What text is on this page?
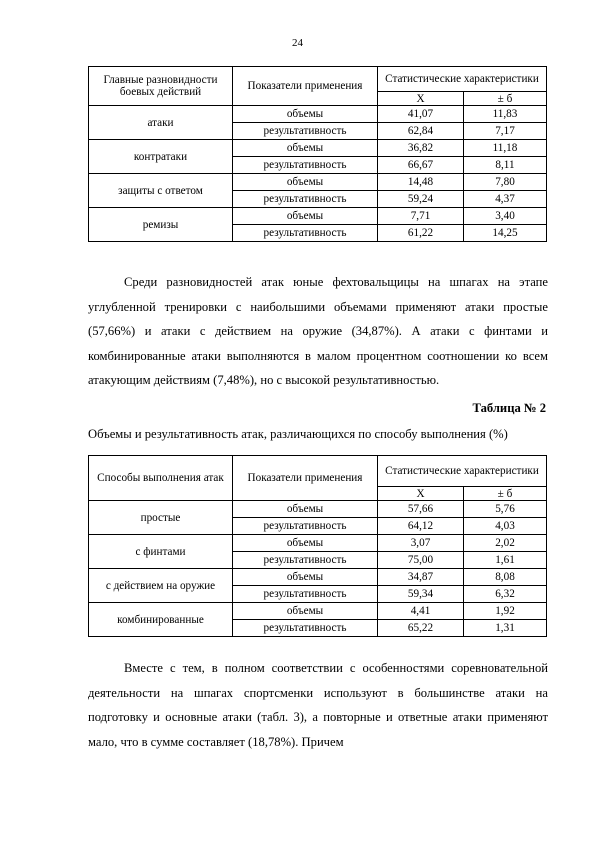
24
Главные разновидности боевых действий	Показатели применения	Статистические характеристики	
		Х	± б
атаки	объемы	41,07	11,83
	результативность	62,84	7,17
контратаки	объемы	36,82	11,18
	результативность	66,67	8,11
защиты с ответом	объемы	14,48	7,80
	результативность	59,24	4,37
ремизы	объемы	7,71	3,40
	результативность	61,22	14,25

Среди разновидностей атак юные фехтовальщицы на шпагах на этапе углубленной тренировки с наибольшими объемами применяют атаки простые (57,66%) и атаки с действием на оружие (34,87%). А атаки с финтами и комбинированные атаки выполняются в малом процентном соотношении ко всем атакующим действиям (7,48%), но с высокой результативностью.

Таблица № 2
Объемы и результативность атак, различающихся по способу выполнения (%)
Способы выполнения атак	Показатели применения	Статистические характеристики	
		Х	± б
простые	объемы	57,66	5,76
	результативность	64,12	4,03
с финтами	объемы	3,07	2,02
	результативность	75,00	1,61
с действием на оружие	объемы	34,87	8,08
	результативность	59,34	6,32
комбинированные	объемы	4,41	1,92
	результативность	65,22	1,31

Вместе с тем, в полном соответствии с особенностями соревновательной деятельности на шпагах спортсменки используют в большинстве атаки на подготовку и основные атаки (табл. 3), а повторные и ответные атаки применяют мало, что в сумме составляет (18,78%). Причем
